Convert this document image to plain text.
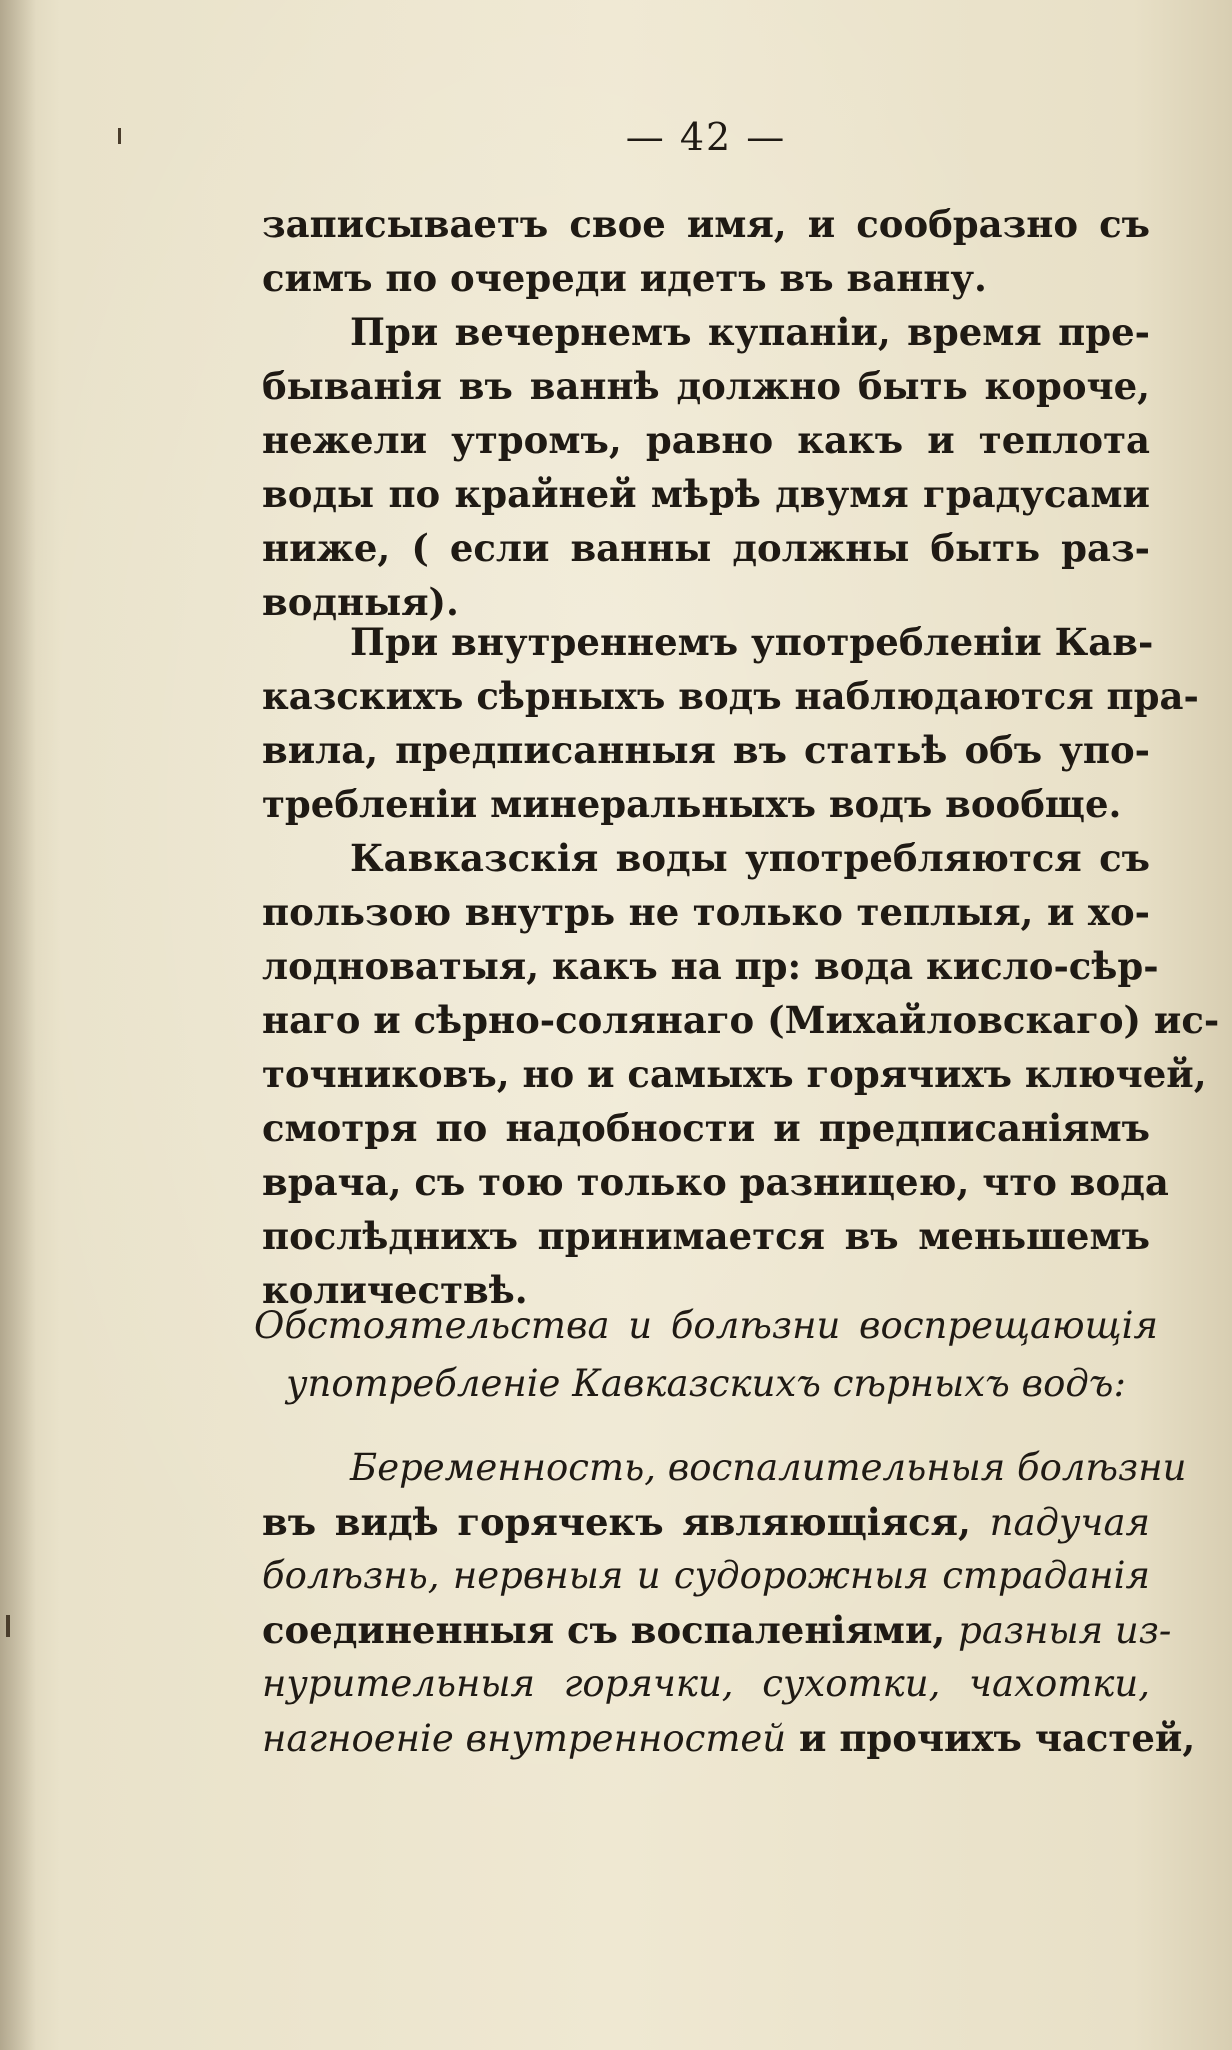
— 42 —
записываетъ свое имя, и сообразно съ
симъ по очереди идетъ въ ванну.
При вечернемъ купаніи, время пре-
быванія въ ваннѣ должно быть короче,
нежели утромъ, равно какъ и теплота
воды по крайней мѣрѣ двумя градусами
ниже, ( если ванны должны быть раз-
водныя).
При внутреннемъ употребленіи Кав-
казскихъ сѣрныхъ водъ наблюдаются пра-
вила, предписанныя въ статьѣ объ упо-
требленіи минеральныхъ водъ вообще.
Кавказскія воды употребляются съ
пользою внутрь не только теплыя, и хо-
лодноватыя, какъ на пр: вода кисло-сѣр-
наго и сѣрно-солянаго (Михайловскаго) ис-
точниковъ, но и самыхъ горячихъ ключей,
смотря по надобности и предписаніямъ
врача, съ тою только разницею, что вода
послѣднихъ принимается въ меньшемъ
количествѣ.
Обстоятельства и болѣзни воспрещающія
употребленіе Кавказскихъ сѣрныхъ водъ:
Беременность, воспалительныя болѣзни
въ видѣ горячекъ являющіяся, падучая
болѣзнь, нервныя и судорожныя страданія
соединенныя съ воспаленіями, разныя из-
нурительныя горячки, сухотки, чахотки,
нагноеніе внутренностей и прочихъ частей,
